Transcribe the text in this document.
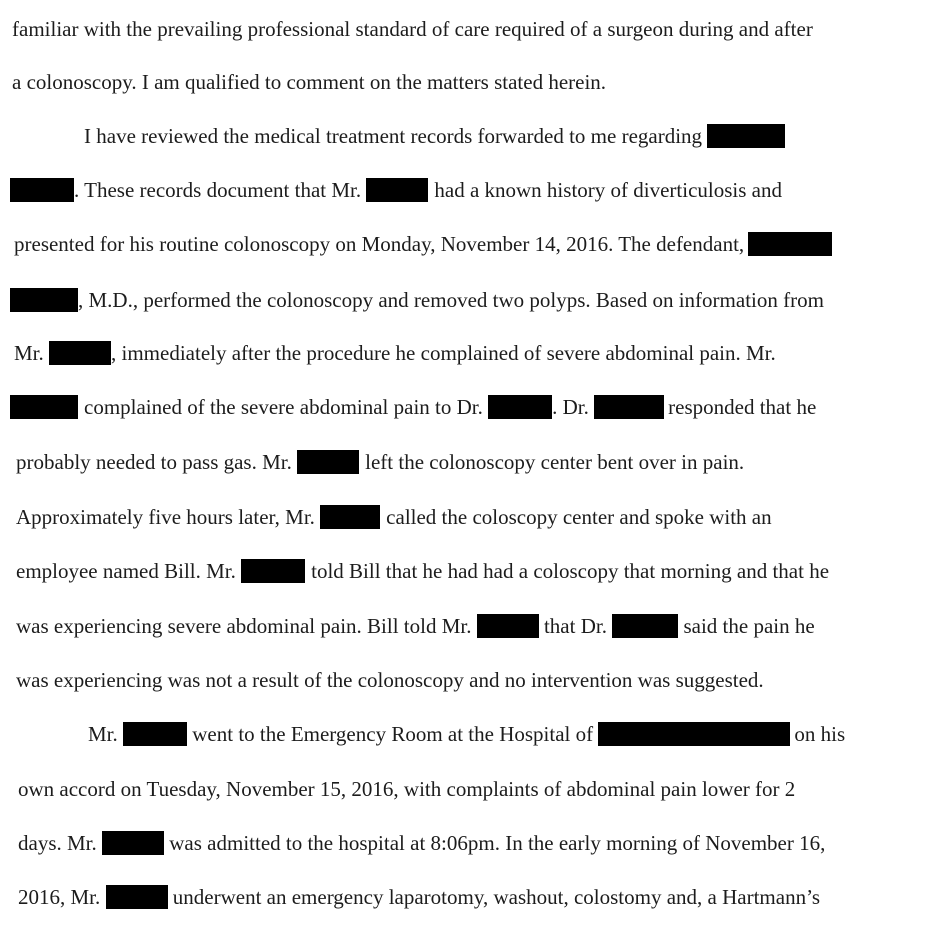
familiar with the prevailing professional standard of care required of a surgeon during and after
a colonoscopy. I am qualified to comment on the matters stated herein.
I have reviewed the medical treatment records forwarded to me regarding
. These records document that Mr.	had a known history of diverticulosis and
presented for his routine colonoscopy on Monday, November 14, 2016. The defendant,
, M.D., performed the colonoscopy and removed two polyps. Based on information from
Mr.	, immediately after the procedure he complained of severe abdominal pain. Mr.
complained of the severe abdominal pain to Dr.	. Dr.	responded that he
probably needed to pass gas. Mr.	left the colonoscopy center bent over in pain.
Approximately five hours later, Mr.	called the coloscopy center and spoke with an
employee named Bill. Mr.	told Bill that he had had a coloscopy that morning and that he
was experiencing severe abdominal pain. Bill told Mr.	that Dr.	said the pain he
was experiencing was not a result of the colonoscopy and no intervention was suggested.
Mr.	went to the Emergency Room at the Hospital of	on his
own accord on Tuesday, November 15, 2016, with complaints of abdominal pain lower for 2
days. Mr.	was admitted to the hospital at 8:06pm. In the early morning of November 16,
2016, Mr.	underwent an emergency laparotomy, washout, colostomy and, a Hartmann’s
